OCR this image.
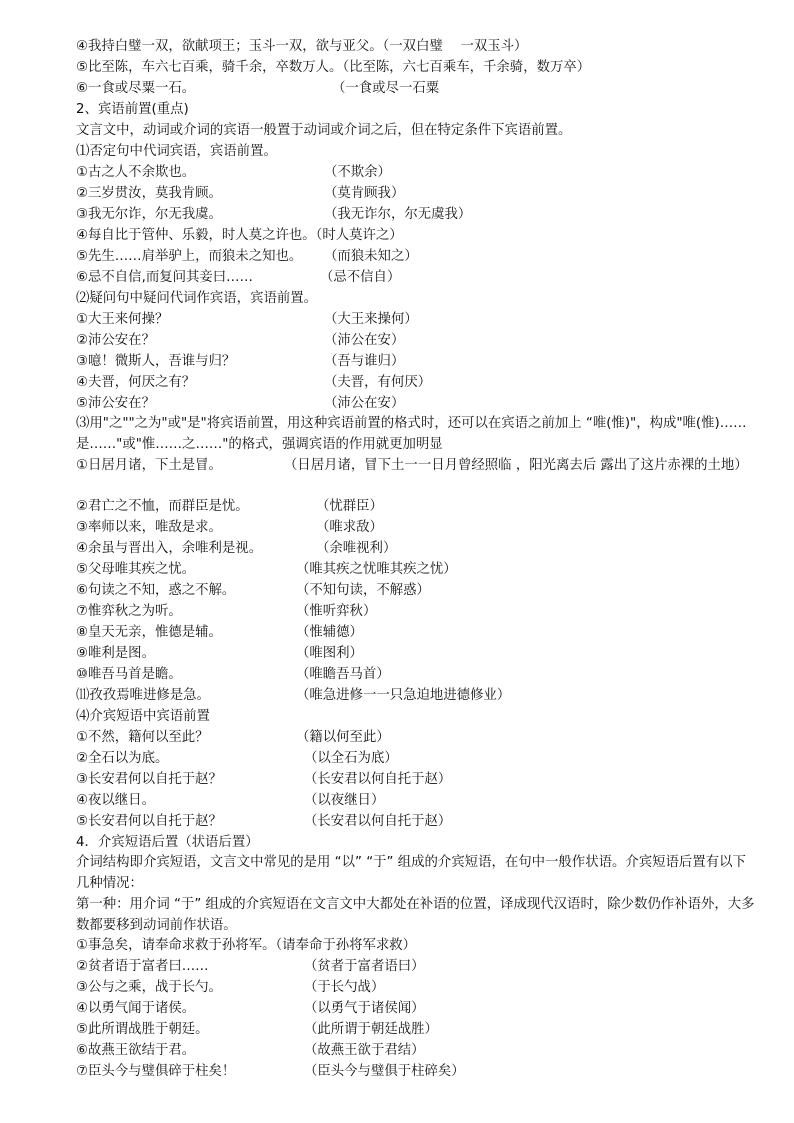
④我持白璧一双，欲献项王；玉斗一双，欲与亚父。（一双白璧　 一双玉斗）
⑤比至陈，车六七百乘，骑千余，卒数万人。（比至陈，六七百乘车，千余骑，数万卒）
⑥一食或尽粟一石。	（一食或尽一石粟
2、宾语前置(重点)
文言文中，动词或介词的宾语一般置于动词或介词之后，但在特定条件下宾语前置。
⑴否定句中代词宾语，宾语前置。
①古之人不余欺也。	（不欺余）
②三岁贯汝，莫我肯顾。	（莫肯顾我）
③我无尔诈，尔无我虞。	（我无诈尔，尔无虞我）
④每自比于管仲、乐毅，时人莫之许也。（时人莫许之）
⑤先生……肩举驴上，而狼未之知也。 （而狼未知之）
⑥忌不自信,而复问其妾曰……	（忌不信自）
⑵疑问句中疑问代词作宾语，宾语前置。
①大王来何操？	（大王来操何）
②沛公安在？	（沛公在安）
③噫！微斯人，吾谁与归？	（吾与谁归）
④夫晋，何厌之有？	（夫晋，有何厌）
⑤沛公安在？	（沛公在安）
⑶用"之""之为"或"是"将宾语前置，用这种宾语前置的格式时，还可以在宾语之前加上 “唯(惟)"，构成"唯(惟)……是……"或"惟……之……"的格式，强调宾语的作用就更加明显
①日居月诸，下土是冒。	（日居月诸，冒下土一一日月曾经照临 ，阳光离去后 露出了这片赤裸的土地）
②君亡之不恤，而群臣是忧。	（忧群臣）
③率师以来，唯敌是求。	（唯求敌）
④余虽与晋出入，余唯利是视。	（余唯视利）
⑤父母唯其疾之忧。	（唯其疾之忧唯其疾之忧）
⑥句读之不知，惑之不解。	（不知句读，不解惑）
⑦惟弈秋之为听。	（惟听弈秋）
⑧皇天无亲，惟德是辅。	（惟辅德）
⑨唯利是图。	（唯图利）
⑩唯吾马首是瞻。	（唯瞻吾马首）
⑾孜孜焉唯进修是急。	（唯急进修一一只急迫地进德修业）
⑷介宾短语中宾语前置
①不然，籍何以至此？	（籍以何至此）
②全石以为底。	（以全石为底）
③长安君何以自托于赵？	（长安君以何自托于赵）
④夜以继日。	（以夜继日）
⑤长安君何以自托于赵？	（长安君以何自托于赵）
4．介宾短语后置（状语后置）
介词结构即介宾短语，文言文中常见的是用 “以” “于” 组成的介宾短语，在句中一般作状语。介宾短语后置有以下几种情况：
第一种：用介词 “于” 组成的介宾短语在文言文中大都处在补语的位置，译成现代汉语时，除少数仍作补语外，大多数都要移到动词前作状语。
①事急矣，请奉命求救于孙将军。（请奉命于孙将军求救）
②贫者语于富者曰……	（贫者于富者语曰）
③公与之乘，战于长勺。	（于长勺战）
④以勇气闻于诸侯。	（以勇气于诸侯闻）
⑤此所谓战胜于朝廷。	（此所谓于朝廷战胜）
⑥故燕王欲结于君。	（故燕王欲于君结）
⑦臣头今与璧俱碎于柱矣！	（臣头今与璧俱于柱碎矣）
